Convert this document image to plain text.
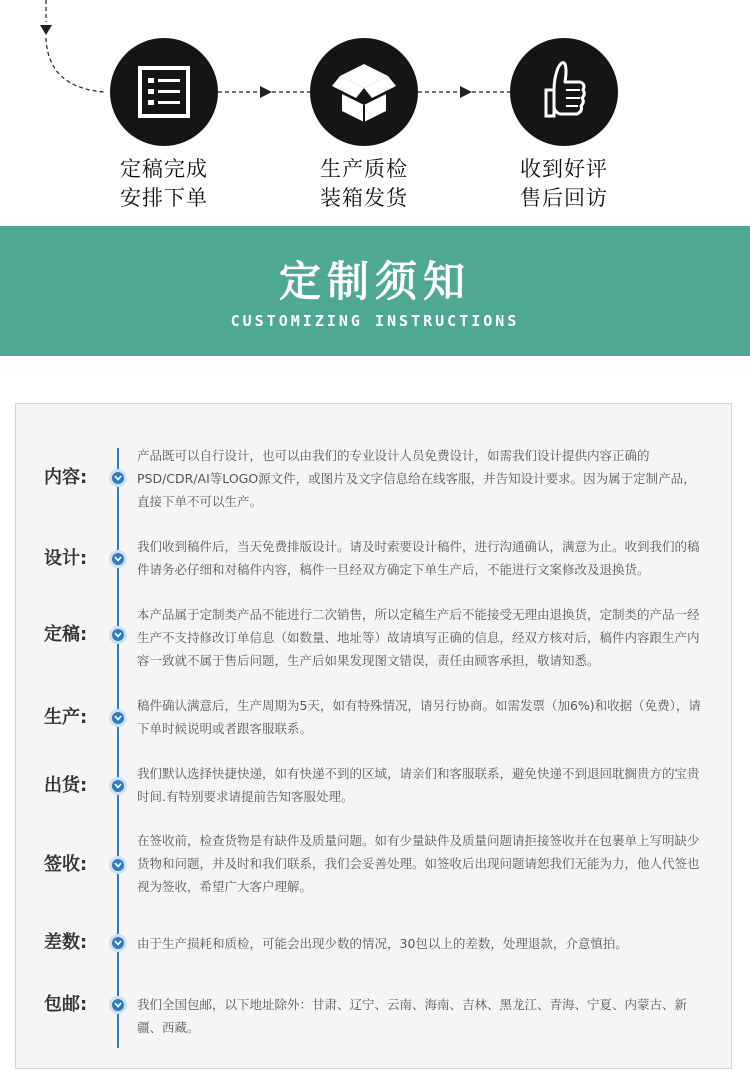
定稿完成
安排下单
生产质检
装箱发货
收到好评
售后回访
定制须知
CUSTOMIZING INSTRUCTIONS
内容:
产品既可以自行设计，也可以由我们的专业设计人员免费设计，如需我们设计提供内容正确的PSD/CDR/AI等LOGO源文件，或图片及文字信息给在线客服，并告知设计要求。因为属于定制产品，直接下单不可以生产。
设计:
我们收到稿件后，当天免费排版设计。请及时索要设计稿件，进行沟通确认，满意为止。收到我们的稿件请务必仔细和对稿件内容，稿件一旦经双方确定下单生产后，不能进行文案修改及退换货。
定稿:
本产品属于定制类产品不能进行二次销售，所以定稿生产后不能接受无理由退换货，定制类的产品一经生产不支持修改订单信息（如数量、地址等）故请填写正确的信息，经双方核对后，稿件内容跟生产内容一致就不属于售后问题，生产后如果发现图文错误，责任由顾客承担，敬请知悉。
生产:
稿件确认满意后，生产周期为5天，如有特殊情况，请另行协商。如需发票（加6%)和收据（免费），请下单时候说明或者跟客服联系。
出货:
我们默认选择快捷快递，如有快递不到的区域，请亲们和客服联系，避免快递不到退回耽搁贵方的宝贵时间.有特别要求请提前告知客服处理。
签收:
在签收前，检查货物是有缺件及质量问题。如有少量缺件及质量问题请拒接签收并在包裹单上写明缺少货物和问题，并及时和我们联系，我们会妥善处理。如签收后出现问题请恕我们无能为力，他人代签也视为签收，希望广大客户理解。
差数:	由于生产损耗和质检，可能会出现少数的情况，30包以上的差数，处理退款，介意慎拍。
包邮:	我们全国包邮，以下地址除外：甘肃、辽宁、云南、海南、吉林、黑龙江、青海、宁夏、内蒙古、新疆、西藏。
